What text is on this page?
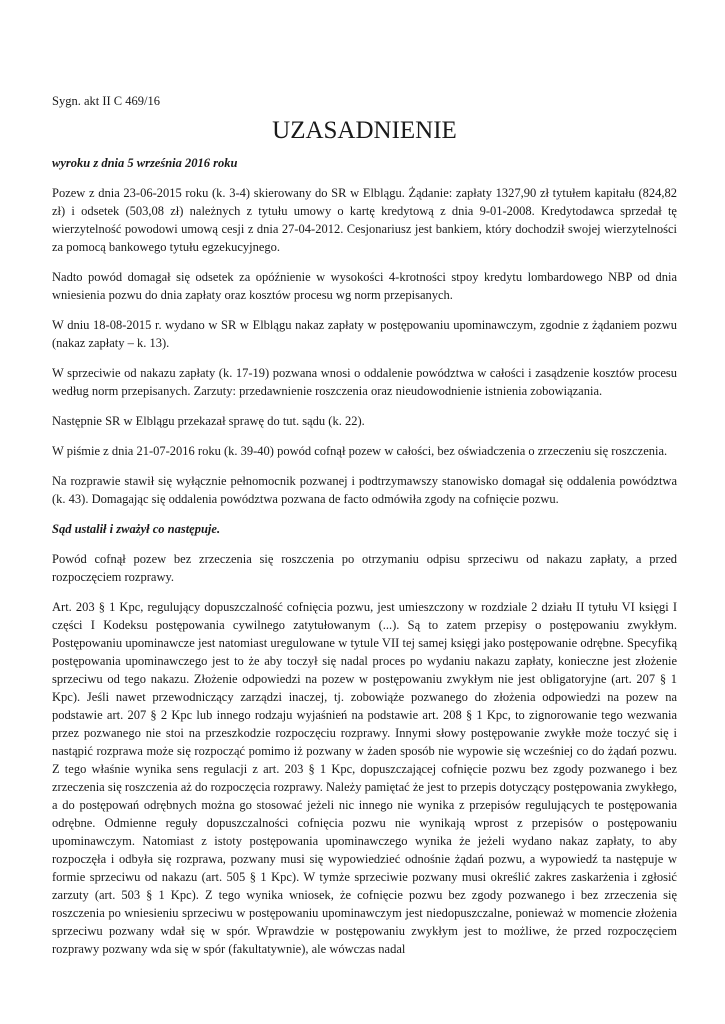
Sygn. akt II C 469/16
UZASADNIENIE
wyroku z dnia 5 września 2016 roku

Pozew z dnia 23-06-2015 roku (k. 3-4) skierowany do SR w Elblągu. Żądanie: zapłaty 1327,90 zł tytułem kapitału (824,82 zł) i odsetek (503,08 zł) należnych z tytułu umowy o kartę kredytową z dnia 9-01-2008. Kredytodawca sprzedał tę wierzytelność powodowi umową cesji z dnia 27-04-2012. Cesjonariusz jest bankiem, który dochodził swojej wierzytelności za pomocą bankowego tytułu egzekucyjnego.

Nadto powód domagał się odsetek za opóźnienie w wysokości 4-krotności stpoy kredytu lombardowego NBP od dnia wniesienia pozwu do dnia zapłaty oraz kosztów procesu wg norm przepisanych.

W dniu 18-08-2015 r. wydano w SR w Elblągu nakaz zapłaty w postępowaniu upominawczym, zgodnie z żądaniem pozwu (nakaz zapłaty – k. 13).

W sprzeciwie od nakazu zapłaty (k. 17-19) pozwana wnosi o oddalenie powództwa w całości i zasądzenie kosztów procesu według norm przepisanych. Zarzuty: przedawnienie roszczenia oraz nieudowodnienie istnienia zobowiązania.

Następnie SR w Elblągu przekazał sprawę do tut. sądu (k. 22).

W piśmie z dnia 21-07-2016 roku (k. 39-40) powód cofnął pozew w całości, bez oświadczenia o zrzeczeniu się roszczenia.

Na rozprawie stawił się wyłącznie pełnomocnik pozwanej i podtrzymawszy stanowisko domagał się oddalenia powództwa (k. 43). Domagając się oddalenia powództwa pozwana de facto odmówiła zgody na cofnięcie pozwu.

Sąd ustalił i zważył co następuje.

Powód cofnął pozew bez zrzeczenia się roszczenia po otrzymaniu odpisu sprzeciwu od nakazu zapłaty, a przed rozpoczęciem rozprawy.

Art. 203 § 1 Kpc, regulujący dopuszczalność cofnięcia pozwu, jest umieszczony w rozdziale 2 działu II tytułu VI księgi I części I Kodeksu postępowania cywilnego zatytułowanym (...). Są to zatem przepisy o postępowaniu zwykłym. Postępowaniu upominawcze jest natomiast uregulowane w tytule VII tej samej księgi jako postępowanie odrębne. Specyfiką postępowania upominawczego jest to że aby toczył się nadal proces po wydaniu nakazu zapłaty, konieczne jest złożenie sprzeciwu od tego nakazu. Złożenie odpowiedzi na pozew w postępowaniu zwykłym nie jest obligatoryjne (art. 207 § 1 Kpc). Jeśli nawet przewodniczący zarządzi inaczej, tj. zobowiąże pozwanego do złożenia odpowiedzi na pozew na podstawie art. 207 § 2 Kpc lub innego rodzaju wyjaśnień na podstawie art. 208 § 1 Kpc, to zignorowanie tego wezwania przez pozwanego nie stoi na przeszkodzie rozpoczęciu rozprawy. Innymi słowy postępowanie zwykłe może toczyć się i nastąpić rozprawa może się rozpocząć pomimo iż pozwany w żaden sposób nie wypowie się wcześniej co do żądań pozwu. Z tego właśnie wynika sens regulacji z art. 203 § 1 Kpc, dopuszczającej cofnięcie pozwu bez zgody pozwanego i bez zrzeczenia się roszczenia aż do rozpoczęcia rozprawy. Należy pamiętać że jest to przepis dotyczący postępowania zwykłego, a do postępowań odrębnych można go stosować jeżeli nic innego nie wynika z przepisów regulujących te postępowania odrębne. Odmienne reguły dopuszczalności cofnięcia pozwu nie wynikają wprost z przepisów o postępowaniu upominawczym. Natomiast z istoty postępowania upominawczego wynika że jeżeli wydano nakaz zapłaty, to aby rozpoczęła i odbyła się rozprawa, pozwany musi się wypowiedzieć odnośnie żądań pozwu, a wypowiedź ta następuje w formie sprzeciwu od nakazu (art. 505 § 1 Kpc). W tymże sprzeciwie pozwany musi określić zakres zaskarżenia i zgłosić zarzuty (art. 503 § 1 Kpc). Z tego wynika wniosek, że cofnięcie pozwu bez zgody pozwanego i bez zrzeczenia się roszczenia po wniesieniu sprzeciwu w postępowaniu upominawczym jest niedopuszczalne, ponieważ w momencie złożenia sprzeciwu pozwany wdał się w spór. Wprawdzie w postępowaniu zwykłym jest to możliwe, że przed rozpoczęciem rozprawy pozwany wda się w spór (fakultatywnie), ale wówczas nadal
